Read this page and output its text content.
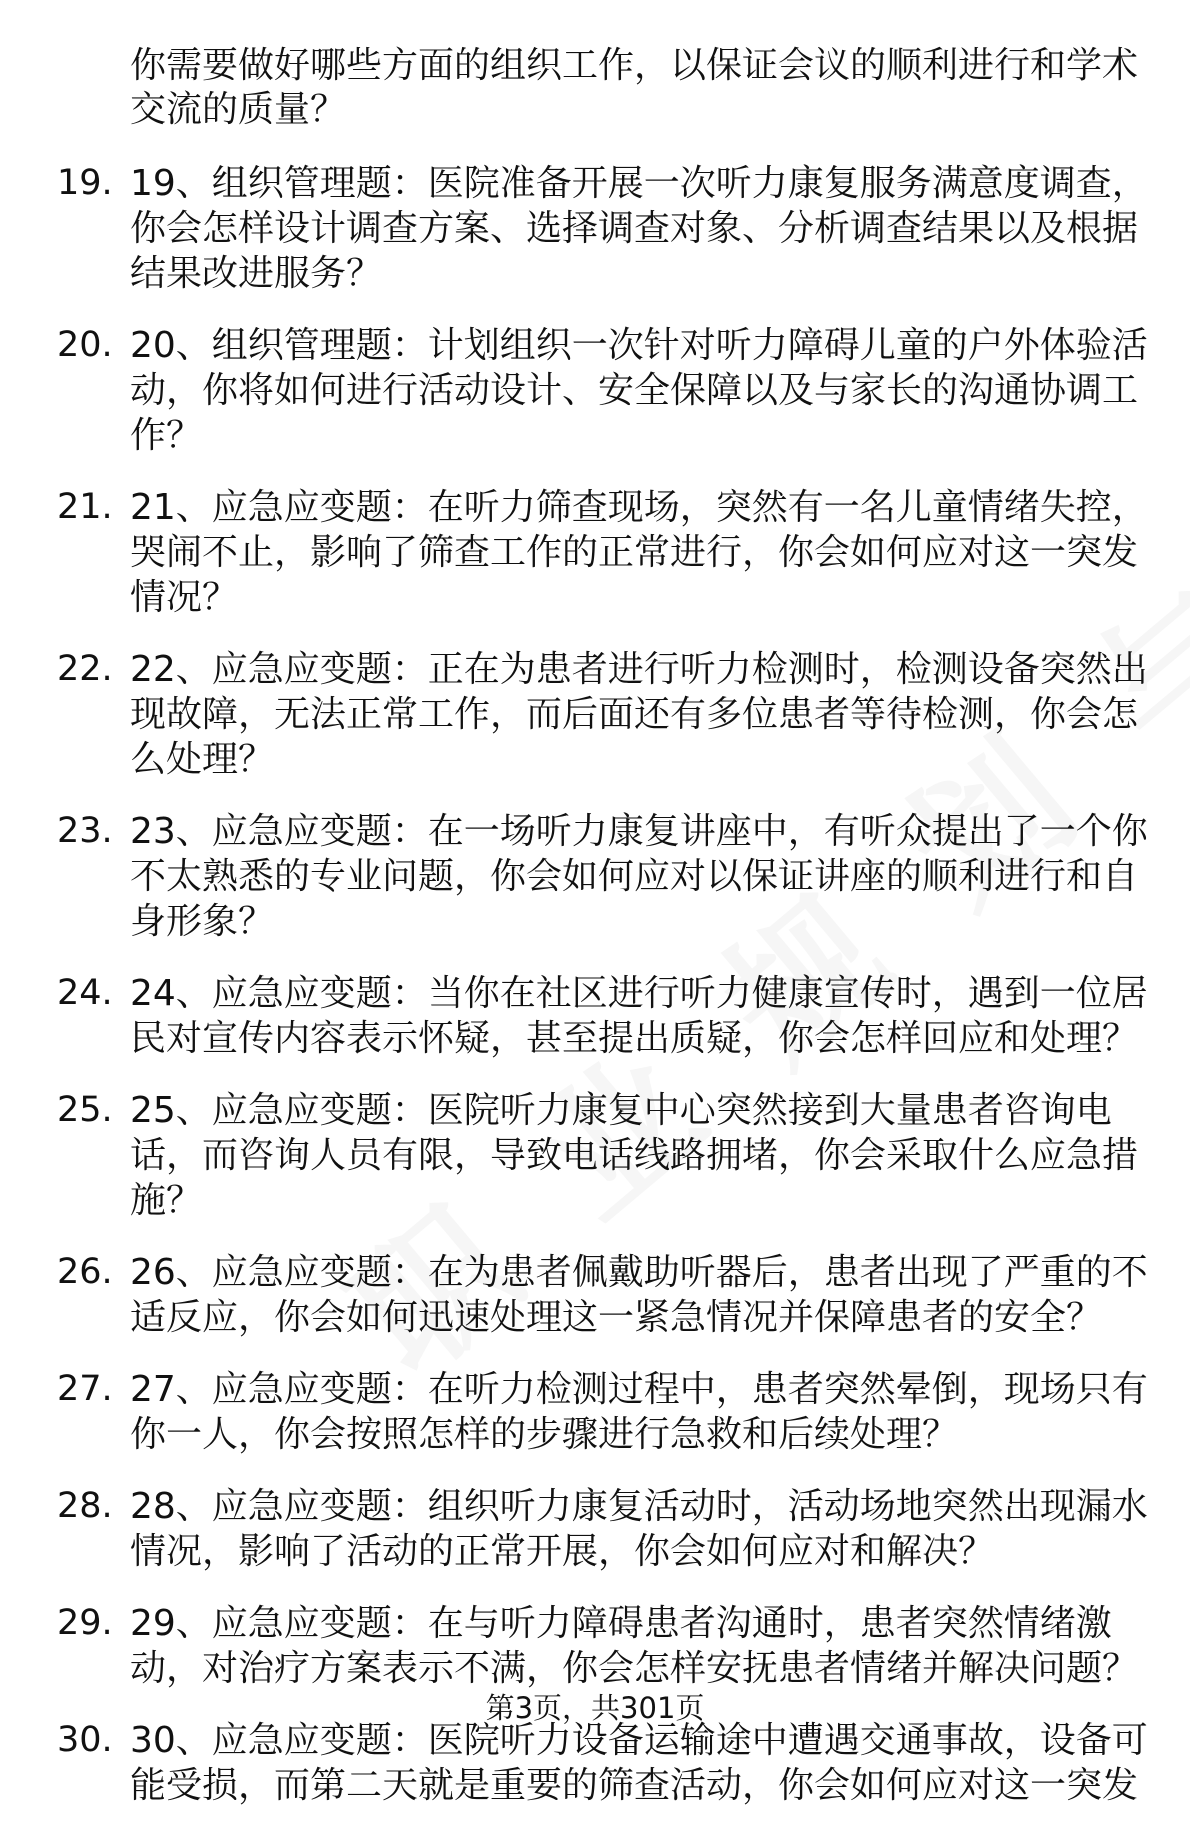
你需要做好哪些方面的组织工作，以保证会议的顺利进行和学术交流的质量？
19. 19、组织管理题：医院准备开展一次听力康复服务满意度调查，你会怎样设计调查方案、选择调查对象、分析调查结果以及根据结果改进服务？
20. 20、组织管理题：计划组织一次针对听力障碍儿童的户外体验活动，你将如何进行活动设计、安全保障以及与家长的沟通协调工作？
21. 21、应急应变题：在听力筛查现场，突然有一名儿童情绪失控，哭闹不止，影响了筛查工作的正常进行，你会如何应对这一突发情况？
22. 22、应急应变题：正在为患者进行听力检测时，检测设备突然出现故障，无法正常工作，而后面还有多位患者等待检测，你会怎么处理？
23. 23、应急应变题：在一场听力康复讲座中，有听众提出了一个你不太熟悉的专业问题，你会如何应对以保证讲座的顺利进行和自身形象？
24. 24、应急应变题：当你在社区进行听力健康宣传时，遇到一位居民对宣传内容表示怀疑，甚至提出质疑，你会怎样回应和处理？
25. 25、应急应变题：医院听力康复中心突然接到大量患者咨询电话，而咨询人员有限，导致电话线路拥堵，你会采取什么应急措施？
26. 26、应急应变题：在为患者佩戴助听器后，患者出现了严重的不适反应，你会如何迅速处理这一紧急情况并保障患者的安全？
27. 27、应急应变题：在听力检测过程中，患者突然晕倒，现场只有你一人，你会按照怎样的步骤进行急救和后续处理？
28. 28、应急应变题：组织听力康复活动时，活动场地突然出现漏水情况，影响了活动的正常开展，你会如何应对和解决？
29. 29、应急应变题：在与听力障碍患者沟通时，患者突然情绪激动，对治疗方案表示不满，你会怎样安抚患者情绪并解决问题？
30. 30、应急应变题：医院听力设备运输途中遭遇交通事故，设备可能受损，而第二天就是重要的筛查活动，你会如何应对这一突发
第3页，共301页
